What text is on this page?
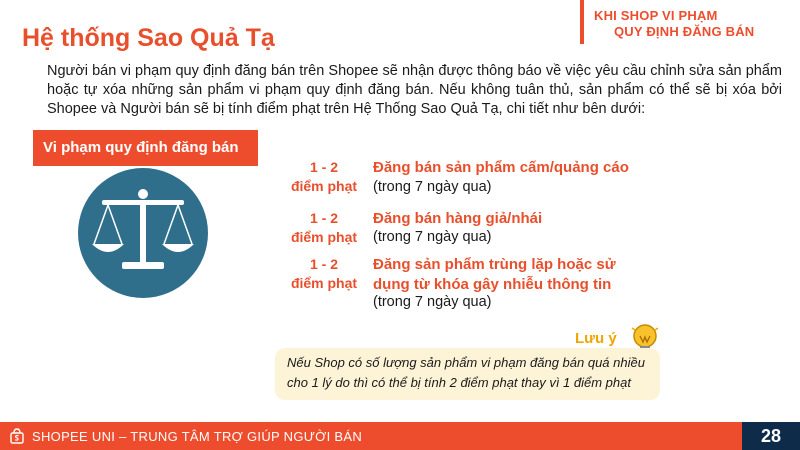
KHI SHOP VI PHẠM
QUY ĐỊNH ĐĂNG BÁN
Hệ thống Sao Quả Tạ

Người bán vi phạm quy định đăng bán trên Shopee sẽ nhận được thông báo về việc yêu cầu chỉnh sửa sản phẩm hoặc tự xóa những sản phẩm vi phạm quy định đăng bán. Nếu không tuân thủ, sản phẩm có thể sẽ bị xóa bởi Shopee và Người bán sẽ bị tính điểm phạt trên Hệ Thống Sao Quả Tạ, chi tiết như bên dưới:

Vi phạm quy định đăng bán
1 - 2
điểm phạt
Đăng bán sản phẩm cấm/quảng cáo
(trong 7 ngày qua)
1 - 2
điểm phạt
Đăng bán hàng giả/nhái
(trong 7 ngày qua)
1 - 2
điểm phạt
Đăng sản phẩm trùng lặp hoặc sử dụng từ khóa gây nhiễu thông tin
(trong 7 ngày qua)
Lưu ý
Nếu Shop có số lượng sản phẩm vi phạm đăng bán quá nhiều cho 1 lý do thì có thể bị tính 2 điểm phạt thay vì 1 điểm phạt
SHOPEE UNI – TRUNG TÂM TRỢ GIÚP NGƯỜI BÁN	28
